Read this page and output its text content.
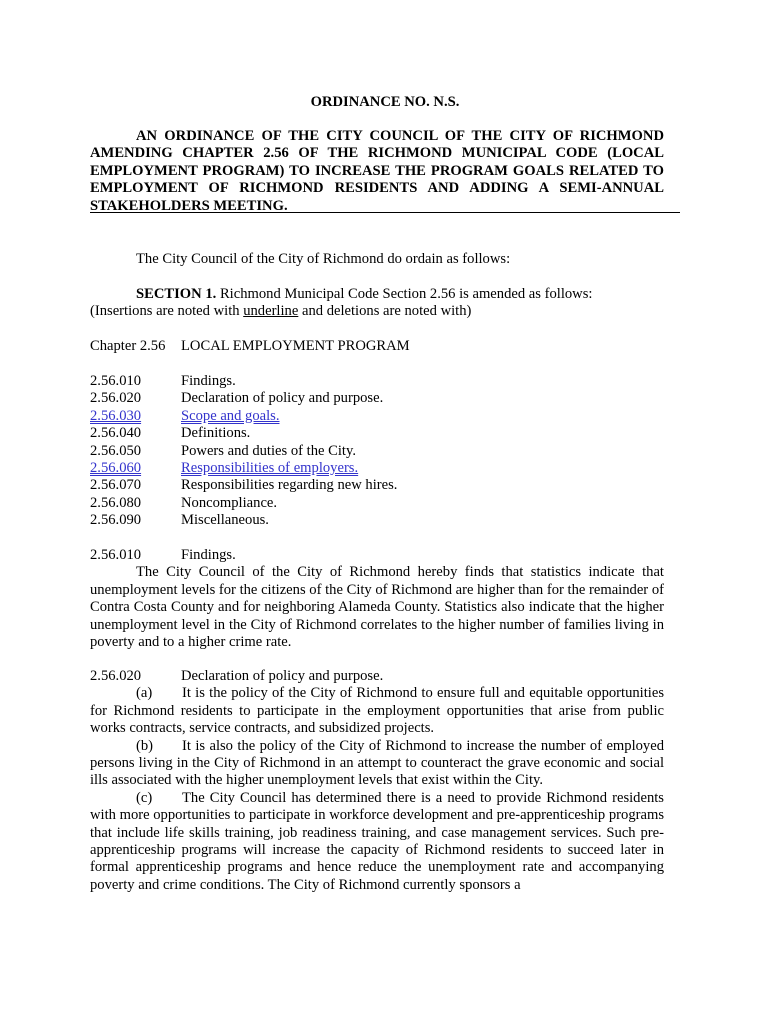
ORDINANCE NO. N.S.
AN ORDINANCE OF THE CITY COUNCIL OF THE CITY OF RICHMOND AMENDING CHAPTER 2.56 OF THE RICHMOND MUNICIPAL CODE (LOCAL EMPLOYMENT PROGRAM) TO INCREASE THE PROGRAM GOALS RELATED TO EMPLOYMENT OF RICHMOND RESIDENTS AND ADDING A SEMI-ANNUAL STAKEHOLDERS MEETING.
The City Council of the City of Richmond do ordain as follows:

SECTION 1. Richmond Municipal Code Section 2.56 is amended as follows:

(Insertions are noted with underline and deletions are noted with)

Chapter 2.56	LOCAL EMPLOYMENT PROGRAM
2.56.010	Findings.
2.56.020	Declaration of policy and purpose.
2.56.030	Scope and goals.
2.56.040	Definitions.
2.56.050	Powers and duties of the City.
2.56.060	Responsibilities of employers.
2.56.070	Responsibilities regarding new hires.
2.56.080	Noncompliance.
2.56.090	Miscellaneous.
2.56.010	Findings.

The City Council of the City of Richmond hereby finds that statistics indicate that unemployment levels for the citizens of the City of Richmond are higher than for the remainder of Contra Costa County and for neighboring Alameda County. Statistics also indicate that the higher unemployment level in the City of Richmond correlates to the higher number of families living in poverty and to a higher crime rate.

2.56.020	Declaration of policy and purpose.

(a) It is the policy of the City of Richmond to ensure full and equitable opportunities for Richmond residents to participate in the employment opportunities that arise from public works contracts, service contracts, and subsidized projects.

(b) It is also the policy of the City of Richmond to increase the number of employed persons living in the City of Richmond in an attempt to counteract the grave economic and social ills associated with the higher unemployment levels that exist within the City.

(c) The City Council has determined there is a need to provide Richmond residents with more opportunities to participate in workforce development and pre-apprenticeship programs that include life skills training, job readiness training, and case management services. Such pre-apprenticeship programs will increase the capacity of Richmond residents to succeed later in formal apprenticeship programs and hence reduce the unemployment rate and accompanying poverty and crime conditions. The City of Richmond currently sponsors a
